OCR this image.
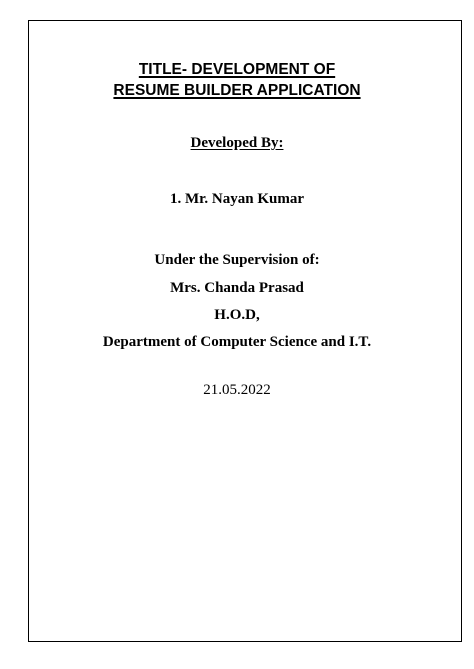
TITLE- DEVELOPMENT OF
RESUME BUILDER APPLICATION
Developed By:
1. Mr. Nayan Kumar
Under the Supervision of:
Mrs. Chanda Prasad
H.O.D,
Department of Computer Science and I.T.
21.05.2022
